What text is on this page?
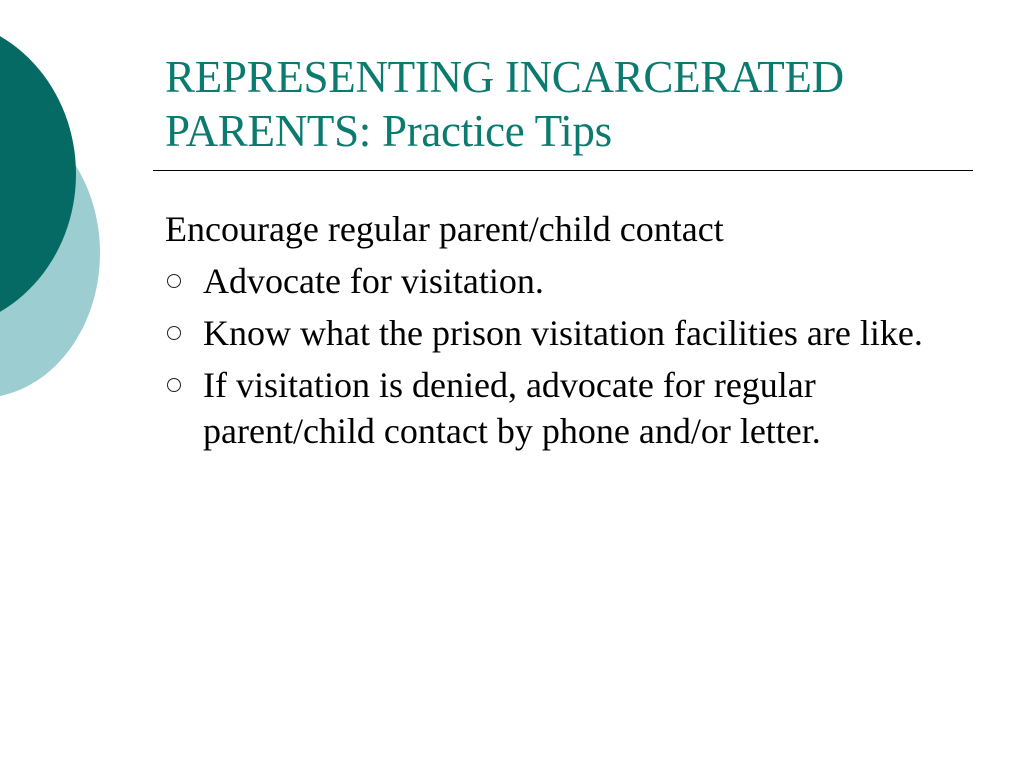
REPRESENTING INCARCERATED PARENTS: Practice Tips

Encourage regular parent/child contact

Advocate for visitation.
Know what the prison visitation facilities are like.
If visitation is denied, advocate for regular parent/child contact by phone and/or letter.
